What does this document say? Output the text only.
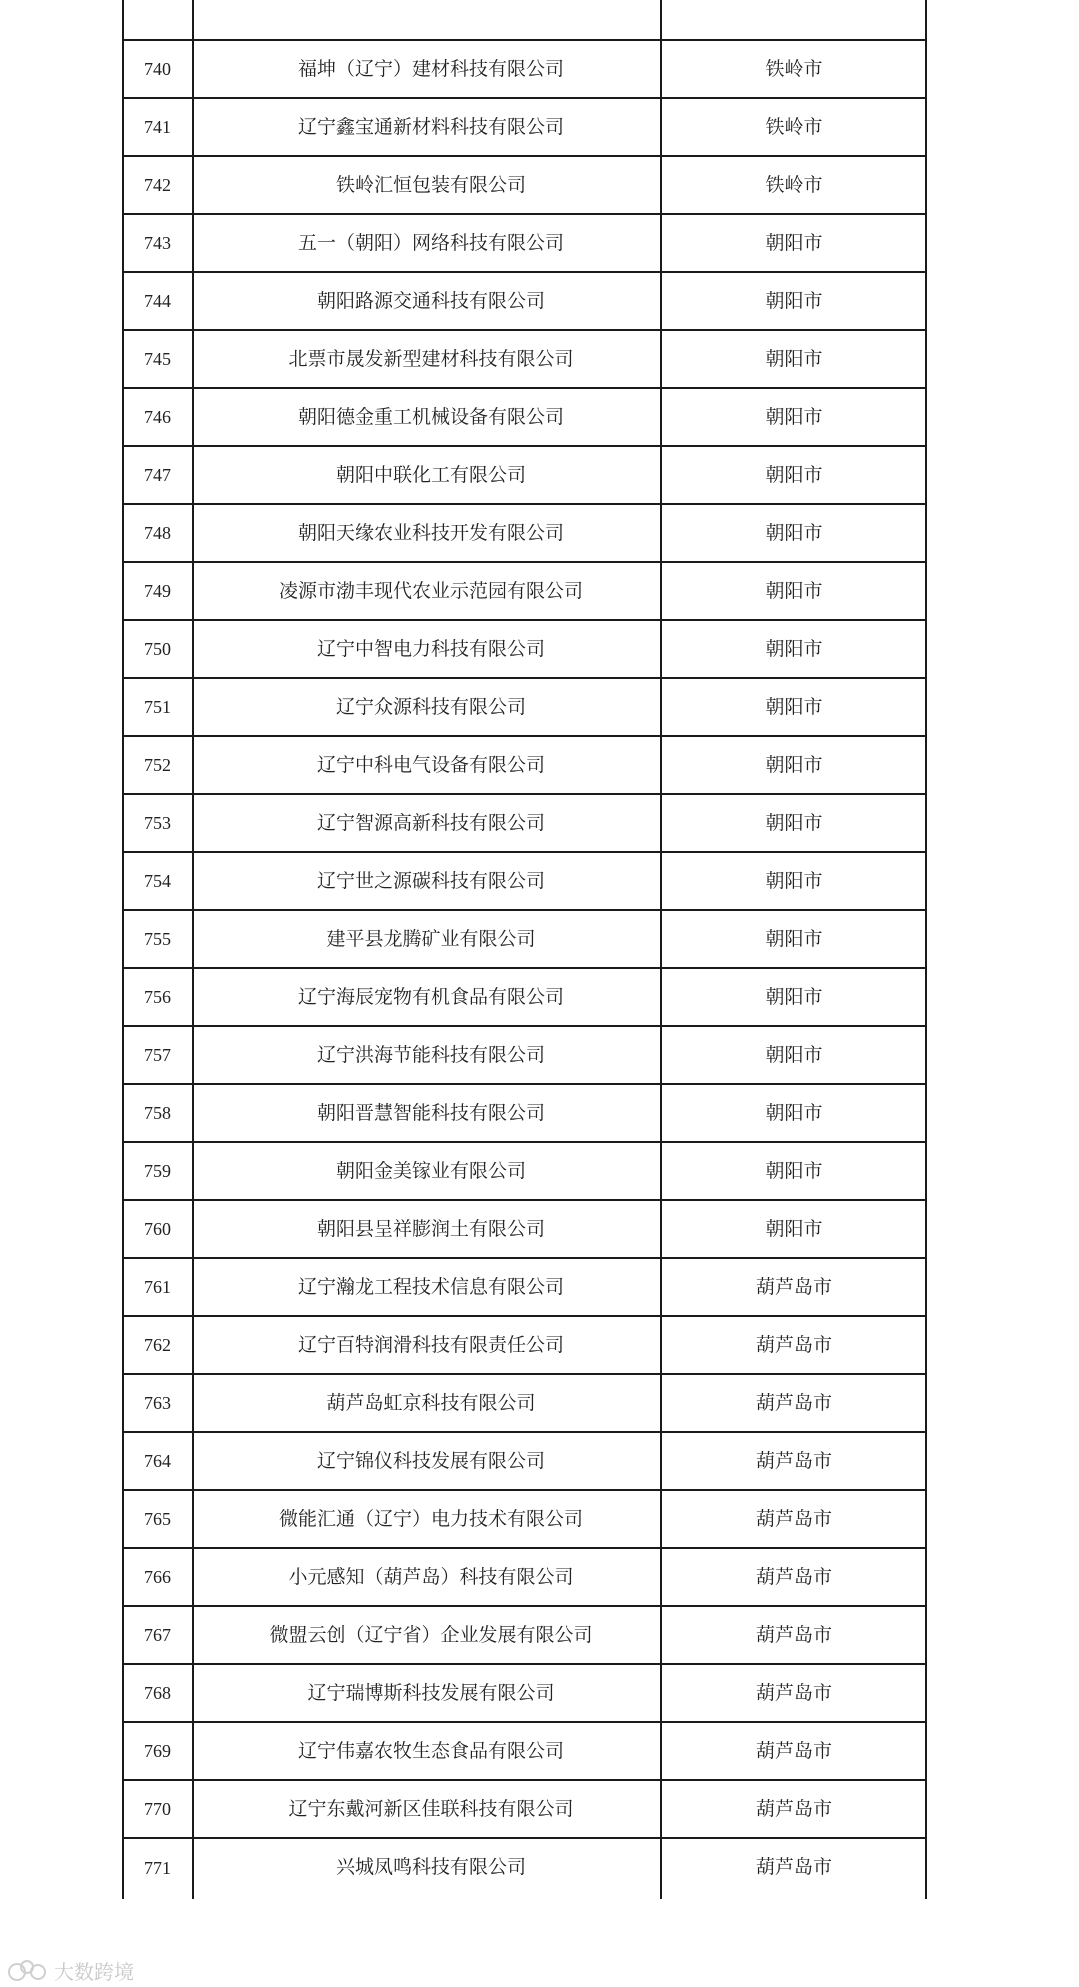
740	福坤（辽宁）建材科技有限公司	铁岭市
741	辽宁鑫宝通新材料科技有限公司	铁岭市
742	铁岭汇恒包装有限公司	铁岭市
743	五一（朝阳）网络科技有限公司	朝阳市
744	朝阳路源交通科技有限公司	朝阳市
745	北票市晟发新型建材科技有限公司	朝阳市
746	朝阳德金重工机械设备有限公司	朝阳市
747	朝阳中联化工有限公司	朝阳市
748	朝阳天缘农业科技开发有限公司	朝阳市
749	凌源市渤丰现代农业示范园有限公司	朝阳市
750	辽宁中智电力科技有限公司	朝阳市
751	辽宁众源科技有限公司	朝阳市
752	辽宁中科电气设备有限公司	朝阳市
753	辽宁智源高新科技有限公司	朝阳市
754	辽宁世之源碳科技有限公司	朝阳市
755	建平县龙腾矿业有限公司	朝阳市
756	辽宁海辰宠物有机食品有限公司	朝阳市
757	辽宁洪海节能科技有限公司	朝阳市
758	朝阳晋慧智能科技有限公司	朝阳市
759	朝阳金美镓业有限公司	朝阳市
760	朝阳县呈祥膨润土有限公司	朝阳市
761	辽宁瀚龙工程技术信息有限公司	葫芦岛市
762	辽宁百特润滑科技有限责任公司	葫芦岛市
763	葫芦岛虹京科技有限公司	葫芦岛市
764	辽宁锦仪科技发展有限公司	葫芦岛市
765	微能汇通（辽宁）电力技术有限公司	葫芦岛市
766	小元感知（葫芦岛）科技有限公司	葫芦岛市
767	微盟云创（辽宁省）企业发展有限公司	葫芦岛市
768	辽宁瑞博斯科技发展有限公司	葫芦岛市
769	辽宁伟嘉农牧生态食品有限公司	葫芦岛市
770	辽宁东戴河新区佳联科技有限公司	葫芦岛市
771	兴城凤鸣科技有限公司	葫芦岛市
大数跨境
